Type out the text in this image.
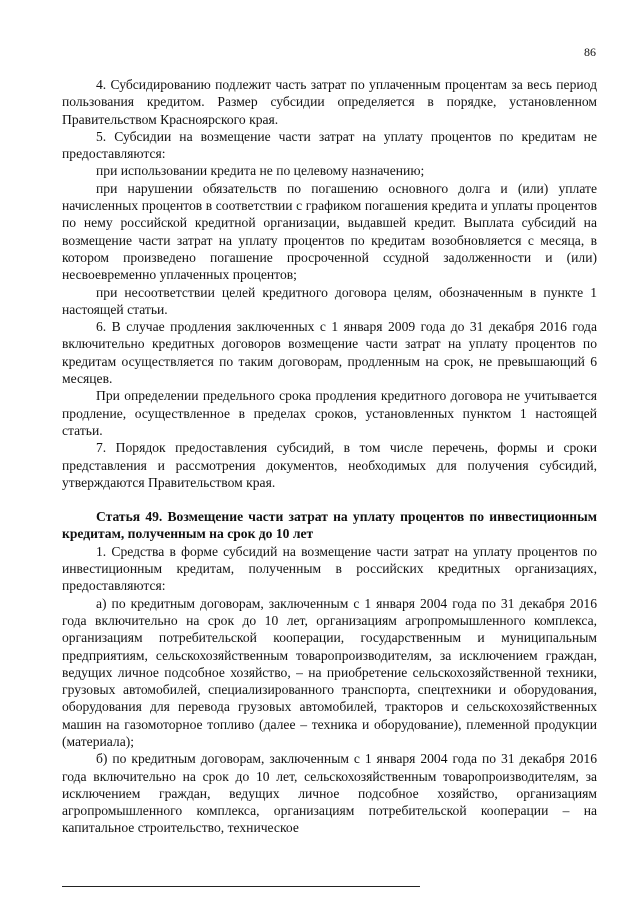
86

4. Субсидированию подлежит часть затрат по уплаченным процентам за весь период пользования кредитом. Размер субсидии определяется в порядке, установленном Правительством Красноярского края.

5. Субсидии на возмещение части затрат на уплату процентов по кредитам не предоставляются:

при использовании кредита не по целевому назначению;

при нарушении обязательств по погашению основного долга и (или) уплате начисленных процентов в соответствии с графиком погашения кредита и уплаты процентов по нему российской кредитной организации, выдавшей кредит. Выплата субсидий на возмещение части затрат на уплату процентов по кредитам возобновляется с месяца, в котором произведено погашение просроченной ссудной задолженности и (или) несвоевременно уплаченных процентов;

при несоответствии целей кредитного договора целям, обозначенным в пункте 1 настоящей статьи.

6. В случае продления заключенных с 1 января 2009 года до 31 декабря 2016 года включительно кредитных договоров возмещение части затрат на уплату процентов по кредитам осуществляется по таким договорам, продленным на срок, не превышающий 6 месяцев.

При определении предельного срока продления кредитного договора не учитывается продление, осуществленное в пределах сроков, установленных пунктом 1 настоящей статьи.

7. Порядок предоставления субсидий, в том числе перечень, формы и сроки представления и рассмотрения документов, необходимых для получения субсидий, утверждаются Правительством края.

Статья 49. Возмещение части затрат на уплату процентов по инвестиционным кредитам, полученным на срок до 10 лет

1. Средства в форме субсидий на возмещение части затрат на уплату процентов по инвестиционным кредитам, полученным в российских кредитных организациях, предоставляются:

а) по кредитным договорам, заключенным с 1 января 2004 года по 31 декабря 2016 года включительно на срок до 10 лет, организациям агропромышленного комплекса, организациям потребительской кооперации, государственным и муниципальным предприятиям, сельскохозяйственным товаропроизводителям, за исключением граждан, ведущих личное подсобное хозяйство, – на приобретение сельскохозяйственной техники, грузовых автомобилей, специализированного транспорта, спецтехники и оборудования, оборудования для перевода грузовых автомобилей, тракторов и сельскохозяйственных машин на газомоторное топливо (далее – техника и оборудование), племенной продукции (материала);

б) по кредитным договорам, заключенным с 1 января 2004 года по 31 декабря 2016 года включительно на срок до 10 лет, сельскохозяйственным товаропроизводителям, за исключением граждан, ведущих личное подсобное хозяйство, организациям агропромышленного комплекса, организациям потребительской кооперации – на капитальное строительство, техническое
